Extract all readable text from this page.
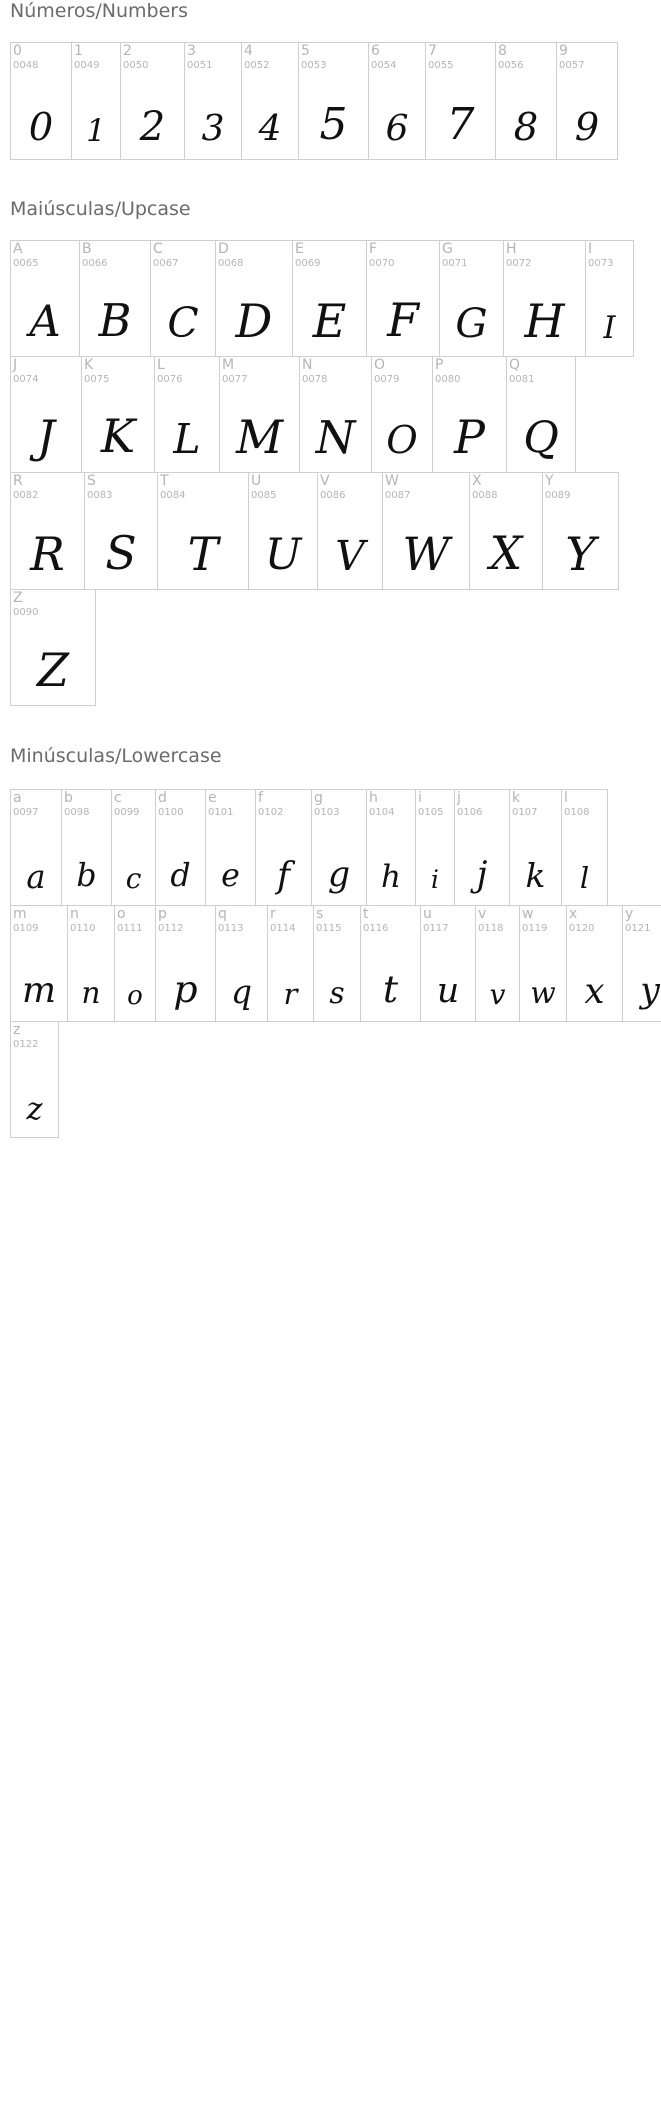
Números/Numbers
0
0048
0
1
0049
1
2
0050
2
3
0051
3
4
0052
4
5
0053
5
6
0054
6
7
0055
7
8
0056
8
9
0057
9
Maiúsculas/Upcase
A
0065
A
B
0066
B
C
0067
C
D
0068
D
E
0069
E
F
0070
F
G
0071
G
H
0072
H
I
0073
I
J
0074
J
K
0075
K
L
0076
L
M
0077
M
N
0078
N
O
0079
O
P
0080
P
Q
0081
Q
R
0082
R
S
0083
S
T
0084
T
U
0085
U
V
0086
V
W
0087
W
X
0088
X
Y
0089
Y
Z
0090
Z
Minúsculas/Lowercase
a
0097
a
b
0098
b
c
0099
c
d
0100
d
e
0101
e
f
0102
f
g
0103
g
h
0104
h
i
0105
i
j
0106
j
k
0107
k
l
0108
l
m
0109
m
n
0110
n
o
0111
o
p
0112
p
q
0113
q
r
0114
r
s
0115
s
t
0116
t
u
0117
u
v
0118
v
w
0119
w
x
0120
x
y
0121
y
z
0122
z
